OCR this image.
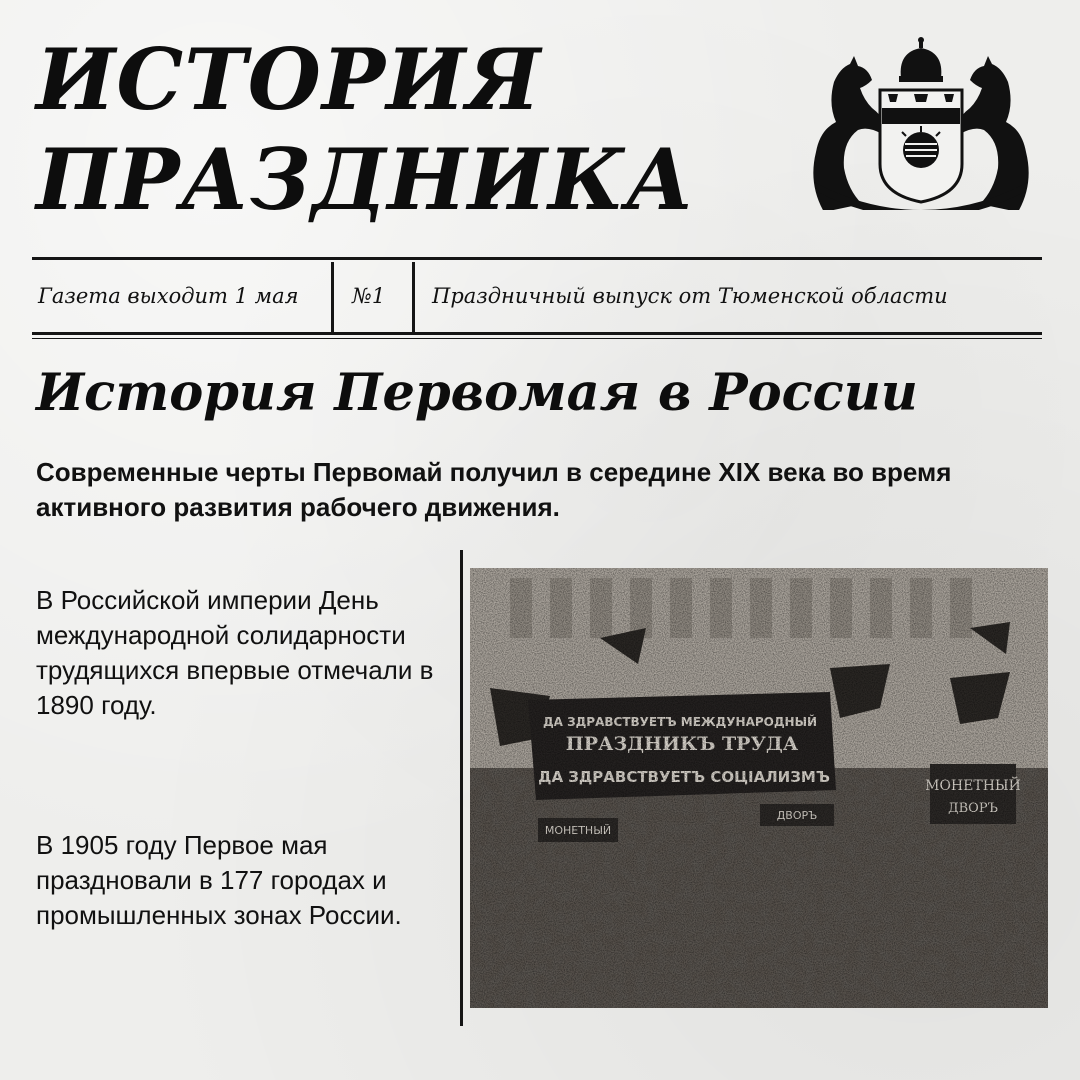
ИСТОРИЯ
ПРАЗДНИКА
Газета выходит 1 мая	№1 Праздничный выпуск от Тюменской области
История Первомая в России

Современные черты Первомай получил в середине XIX века во время активного развития рабочего движения.

В Российской империи День международной солидарности трудящихся впервые отмечали в 1890 году.

В 1905 году Первое мая праздновали в 177 городах и промышленных зонах России.
